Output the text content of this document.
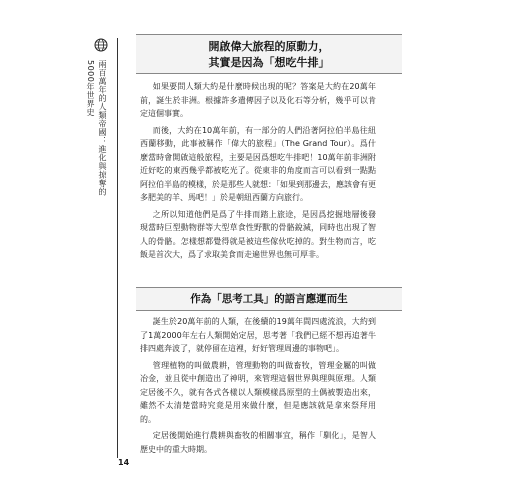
兩百萬年的人類帝國：進化與掠奪的5000年世界史
開啟偉大旅程的原動力，
其實是因為「想吃牛排」

如果要問人類大約是什麼時候出現的呢？答案是大約在20萬年前，誕生於非洲。根據許多遺傳因子以及化石等分析，幾乎可以肯定這個事實。

而後，大約在10萬年前，有一部分的人們沿著阿拉伯半島往紐西蘭移動，此事被稱作「偉大的旅程」（The Grand Tour）。爲什麼當時會開啟這般旅程，主要是因爲想吃牛排吧！10萬年前非洲附近好吃的東西幾乎都被吃光了。從東非的角度而言可以看到一點點阿拉伯半島的模樣，於是那些人就想：「如果到那邊去，應該會有更多肥美的羊、馬吧！」於是朝紐西蘭方向旅行。

之所以知道他們是爲了牛排而踏上旅途，是因爲挖掘地層後發現當時巨型動物群等大型草食性野獸的骨骼銳減，同時也出現了智人的骨骼。怎樣想都覺得就是被這些傢伙吃掉的。對生物而言，吃飯是首次大，爲了求取美食而走遍世界也無可厚非。

作為「思考工具」的語言應運而生

誕生於20萬年前的人類，在後續的19萬年間四處流浪，大約到了1萬2000年左右人類開始定居，思考著「我們已經不想再追著牛排四處奔波了，就停留在這裡，好好管理周邊的事物吧」。

管理植物的叫做農耕，管理動物的叫做畜牧，管理金屬的叫做冶金，並且從中創造出了神明，來管理這個世界與理與原理。人類定居後不久，就有各式各樣以人類模樣爲原型的土偶被製造出來，雖然不太清楚當時究竟是用來做什麼，但是應該就是拿來祭拜用的。

定居後開始進行農耕與畜牧的相關事宜，稱作「馴化」，是智人歷史中的重大時期。

14
